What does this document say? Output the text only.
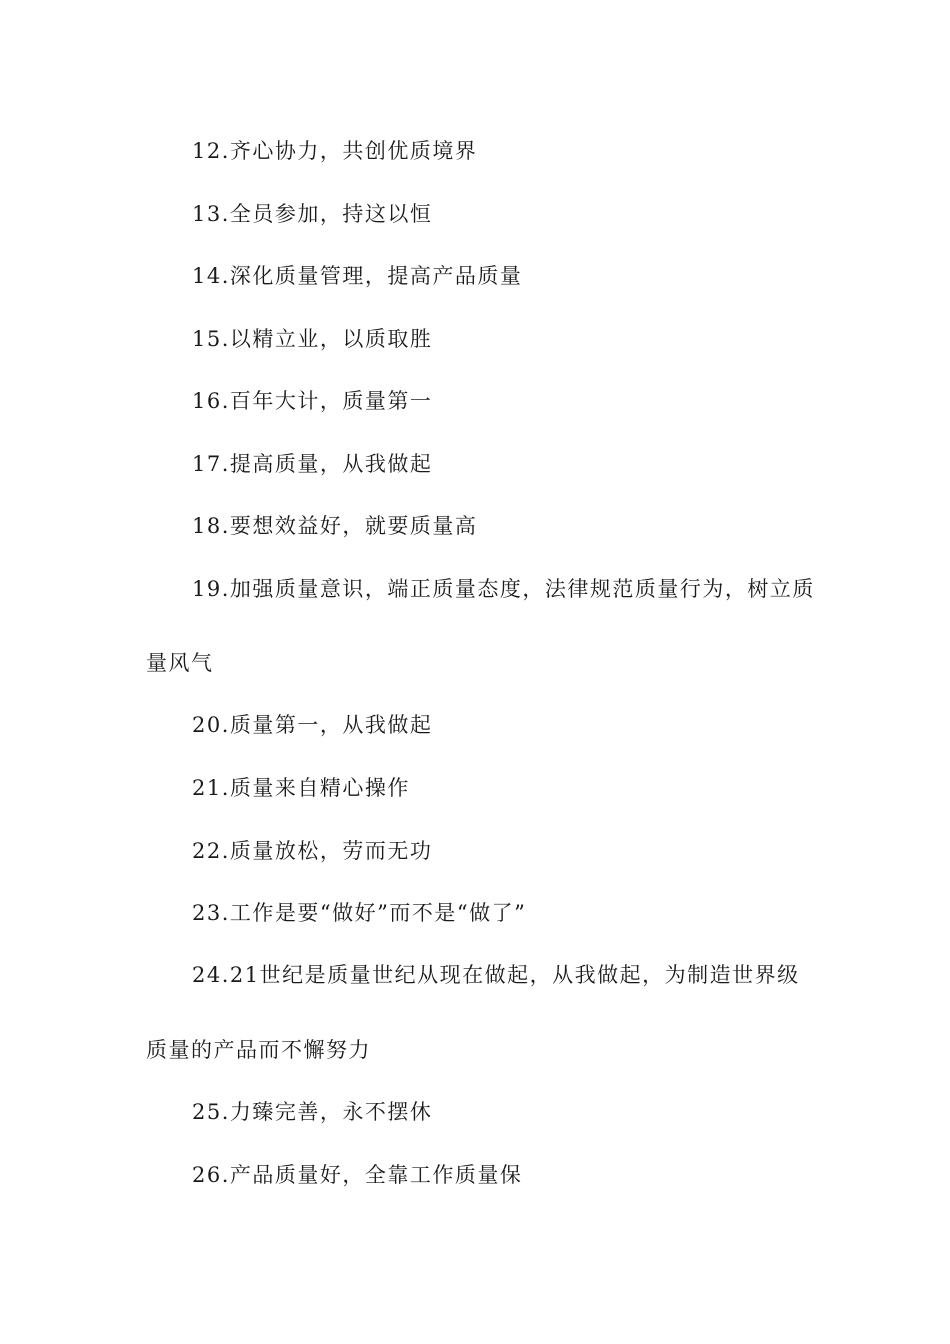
12.齐心协力，共创优质境界
13.全员参加，持这以恒
14.深化质量管理，提高产品质量
15.以精立业，以质取胜
16.百年大计，质量第一
17.提高质量，从我做起
18.要想效益好，就要质量高
19.加强质量意识，端正质量态度，法律规范质量行为，树立质
量风气
20.质量第一，从我做起
21.质量来自精心操作
22.质量放松，劳而无功
23.工作是要“做好”而不是“做了”
24.21世纪是质量世纪从现在做起，从我做起，为制造世界级
质量的产品而不懈努力
25.力臻完善，永不摆休
26.产品质量好，全靠工作质量保
